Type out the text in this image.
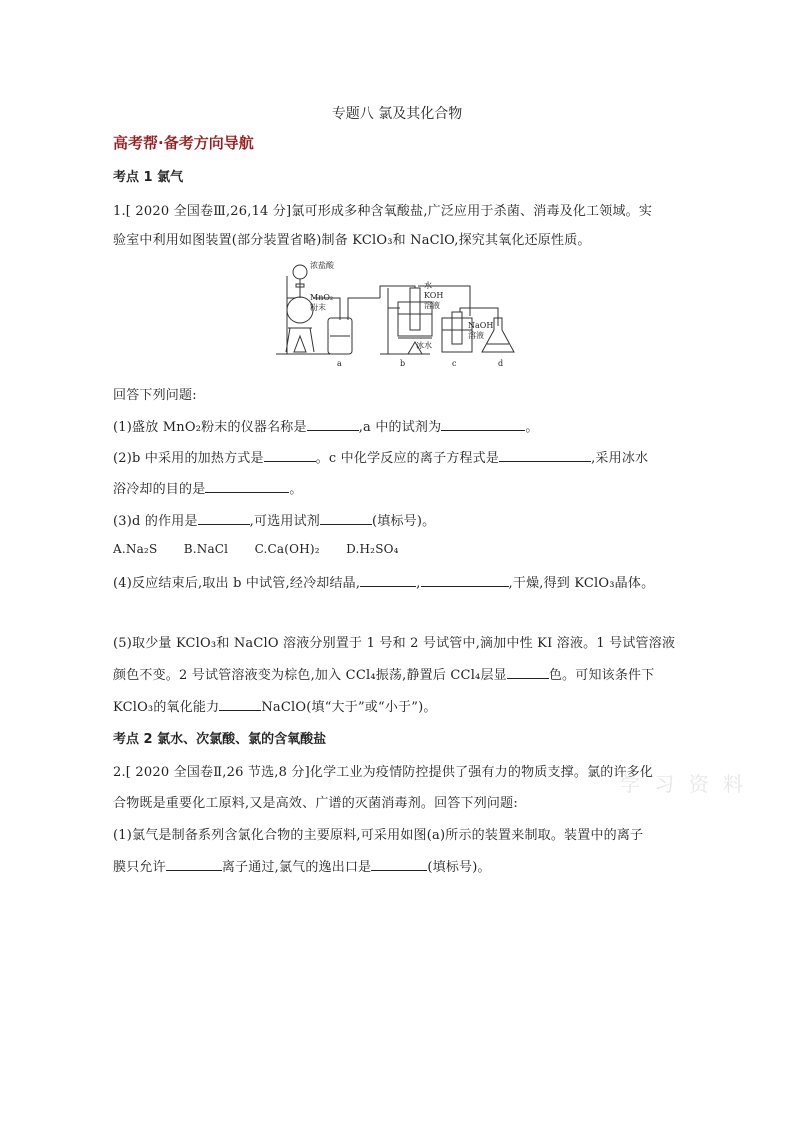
专题八 氯及其化合物
高考帮·备考方向导航
考点 1 氯气
1.[ 2020 全国卷Ⅲ,26,14 分]氯可形成多种含氧酸盐,广泛应用于杀菌、消毒及化工领域。实
验室中利用如图装置(部分装置省略)制备 KClO₃和 NaClO,探究其氧化还原性质。
浓盐酸
MnO₂
粉末
水
KOH
溶液
冰水
NaOH
溶液
a	b	c	d
回答下列问题:
(1)盛放 MnO₂粉末的仪器名称是	,a 中的试剂为	。
(2)b 中采用的加热方式是	。c 中化学反应的离子方程式是	,采用冰水
浴冷却的目的是	。
(3)d 的作用是	,可选用试剂	(填标号)。
A.Na₂S B.NaCl C.Ca(OH)₂ D.H₂SO₄
(4)反应结束后,取出 b 中试管,经冷却结晶,	,	,干燥,得到 KClO₃晶体。
(5)取少量 KClO₃和 NaClO 溶液分别置于 1 号和 2 号试管中,滴加中性 KI 溶液。1 号试管溶液
颜色不变。2 号试管溶液变为棕色,加入 CCl₄振荡,静置后 CCl₄层显	色。可知该条件下
KClO₃的氧化能力	NaClO(填“大于”或“小于”)。
考点 2 氯水、次氯酸、氯的含氧酸盐
学 习 资 料
2.[ 2020 全国卷Ⅱ,26 节选,8 分]化学工业为疫情防控提供了强有力的物质支撑。氯的许多化
合物既是重要化工原料,又是高效、广谱的灭菌消毒剂。回答下列问题:
(1)氯气是制备系列含氯化合物的主要原料,可采用如图(a)所示的装置来制取。装置中的离子
膜只允许	离子通过,氯气的逸出口是	(填标号)。
